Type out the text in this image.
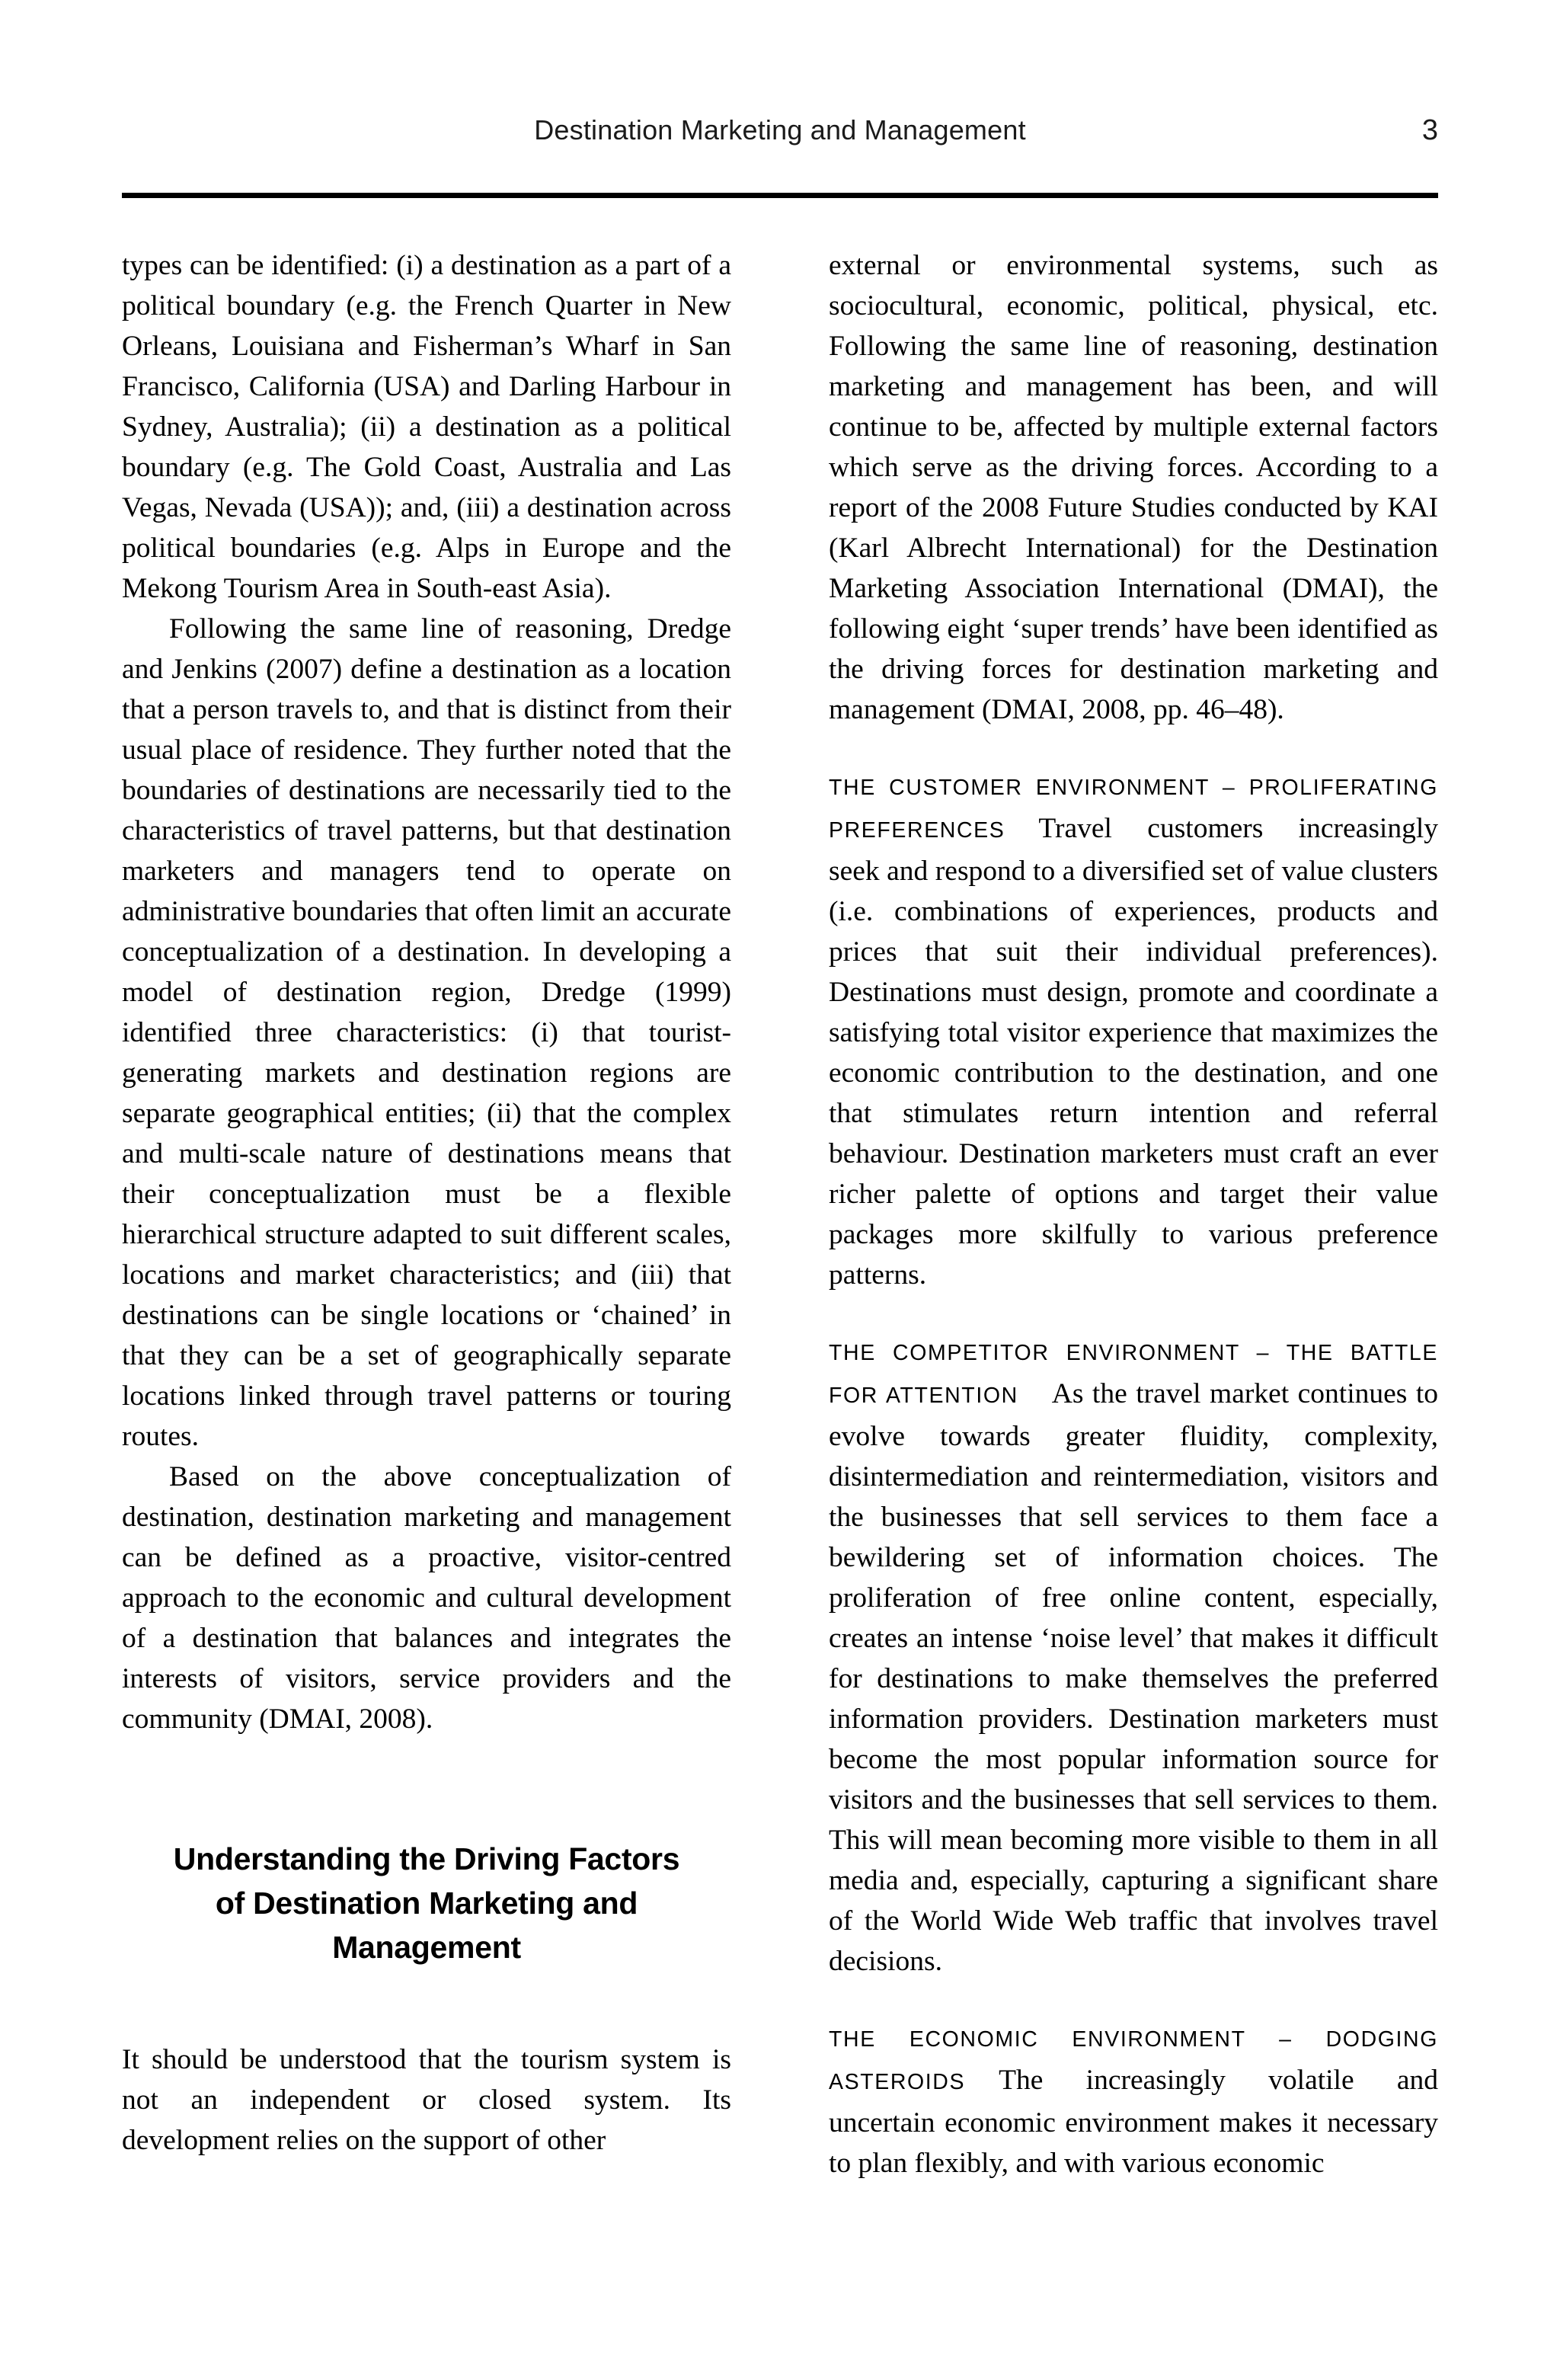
Destination Marketing and Management	3

types can be identified: (i) a destination as a part of a political boundary (e.g. the French Quarter in New Orleans, Louisiana and Fisherman’s Wharf in San Francisco, California (USA) and Darling Harbour in Sydney, Australia); (ii) a destination as a political boundary (e.g. The Gold Coast, Australia and Las Vegas, Nevada (USA)); and, (iii) a destination across political boundaries (e.g. Alps in Europe and the Mekong Tourism Area in South-east Asia).

Following the same line of reasoning, Dredge and Jenkins (2007) define a destination as a location that a person travels to, and that is distinct from their usual place of residence. They further noted that the boundaries of destinations are necessarily tied to the characteristics of travel patterns, but that destination marketers and managers tend to operate on administrative boundaries that often limit an accurate conceptualization of a destination. In developing a model of destination region, Dredge (1999) identified three characteristics: (i) that tourist-generating markets and destination regions are separate geographical entities; (ii) that the complex and multi-scale nature of destinations means that their conceptualization must be a flexible hierarchical structure adapted to suit different scales, locations and market characteristics; and (iii) that destinations can be single locations or ‘chained’ in that they can be a set of geographically separate locations linked through travel patterns or touring routes.

Based on the above conceptualization of destination, destination marketing and management can be defined as a proactive, visitor-centred approach to the economic and cultural development of a destination that balances and integrates the interests of visitors, service providers and the community (DMAI, 2008).

Understanding the Driving Factors
of Destination Marketing and
Management

It should be understood that the tourism system is not an independent or closed system. Its development relies on the support of other

external or environmental systems, such as sociocultural, economic, political, physical, etc. Following the same line of reasoning, destination marketing and management has been, and will continue to be, affected by multiple external factors which serve as the driving forces. According to a report of the 2008 Future Studies conducted by KAI (Karl Albrecht International) for the Destination Marketing Association International (DMAI), the following eight ‘super trends’ have been identified as the driving forces for destination marketing and management (DMAI, 2008, pp. 46–48).

THE CUSTOMER ENVIRONMENT – PROLIFERATING PREFERENCES Travel customers increasingly seek and respond to a diversified set of value clusters (i.e. combinations of experiences, products and prices that suit their individual preferences). Destinations must design, promote and coordinate a satisfying total visitor experience that maximizes the economic contribution to the destination, and one that stimulates return intention and referral behaviour. Destination marketers must craft an ever richer palette of options and target their value packages more skilfully to various preference patterns.

THE COMPETITOR ENVIRONMENT – THE BATTLE FOR ATTENTION As the travel market continues to evolve towards greater fluidity, complexity, disintermediation and reintermediation, visitors and the businesses that sell services to them face a bewildering set of information choices. The proliferation of free online content, especially, creates an intense ‘noise level’ that makes it difficult for destinations to make themselves the preferred information providers. Destination marketers must become the most popular information source for visitors and the businesses that sell services to them. This will mean becoming more visible to them in all media and, especially, capturing a significant share of the World Wide Web traffic that involves travel decisions.

THE ECONOMIC ENVIRONMENT – DODGING ASTEROIDS The increasingly volatile and uncertain economic environment makes it necessary to plan flexibly, and with various economic
